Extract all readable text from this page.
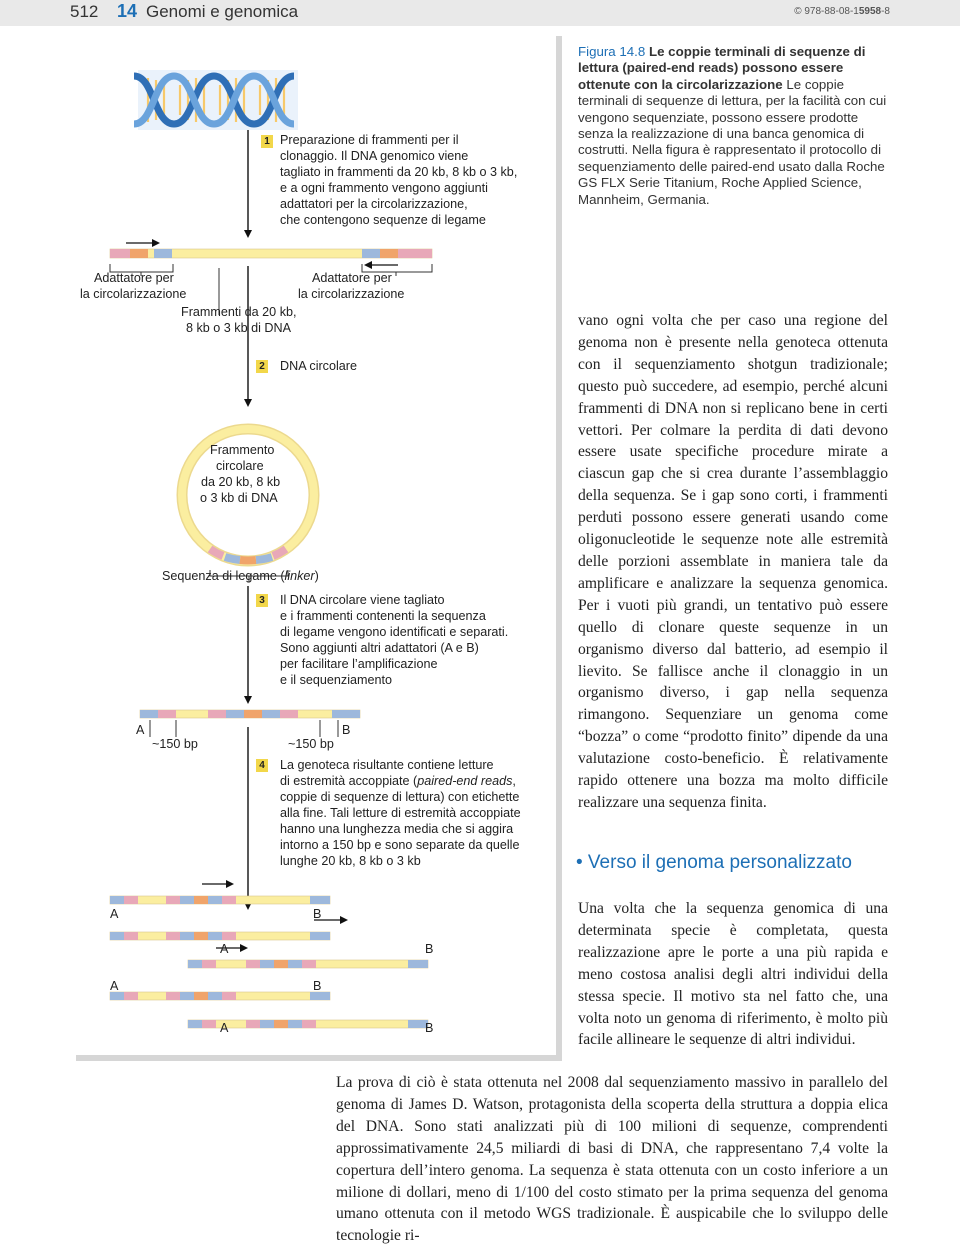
512 14 Genomi e genomica	© 978-88-08-15958-8
1 Preparazione di frammenti per il
clonaggio. Il DNA genomico viene
tagliato in frammenti da 20 kb, 8 kb o 3 kb,
e a ogni frammento vengono aggiunti
adattatori per la circolarizzazione,
che contengono sequenze di legame
Adattatore per
la circolarizzazione
Adattatore per
la circolarizzazione
Frammenti da 20 kb,
8 kb o 3 kb di DNA
2 DNA circolare
Frammento
circolare
da 20 kb, 8 kb
o 3 kb di DNA
Sequenza di legame (linker)
3 Il DNA circolare viene tagliato
e i frammenti contenenti la sequenza
di legame vengono identificati e separati.
Sono aggiunti altri adattatori (A e B)
per facilitare l’amplificazione
e il sequenziamento
A	B
~150 bp	~150 bp
4 La genoteca risultante contiene letture
di estremità accoppiate (paired-end reads,
coppie di sequenze di lettura) con etichette
alla fine. Tali letture di estremità accoppiate
hanno una lunghezza media che si aggira
intorno a 150 bp e sono separate da quelle
lunghe 20 kb, 8 kb o 3 kb
A	B
A	B
A	B
A	B
Figura 14.8 Le coppie terminali di sequenze di lettura (paired-end reads) possono essere ottenute con la circolarizzazione Le coppie terminali di sequenze di lettura, per la facilità con cui vengono sequenziate, possono essere prodotte senza la realizzazione di una banca genomica di costrutti. Nella figura è rappresentato il protocollo di sequenziamento delle paired-end usato dalla Roche GS FLX Serie Titanium, Roche Applied Science, Mannheim, Germania.
vano ogni volta che per caso una regione del genoma non è presente nella genoteca ottenuta con il sequenziamento shotgun tradizionale; questo può succedere, ad esempio, perché alcuni frammenti di DNA non si replicano bene in certi vettori. Per colmare la perdita di dati devono essere usate specifiche procedure mirate a ciascun gap che si crea durante l’assemblaggio della sequenza. Se i gap sono corti, i frammenti perduti possono essere generati usando come oligonucleotide le sequenze note alle estremità delle porzioni assemblate in maniera tale da amplificare e analizzare la sequenza genomica. Per i vuoti più grandi, un tentativo può essere quello di clonare queste sequenze in un organismo diverso dal batterio, ad esempio il lievito. Se fallisce anche il clonaggio in un organismo diverso, i gap nella sequenza rimangono. Sequenziare un genoma come “bozza” o come “prodotto finito” dipende da una valutazione costo-beneficio. È relativamente rapido ottenere una bozza ma molto difficile realizzare una sequenza finita.
• Verso il genoma personalizzato
Una volta che la sequenza genomica di una determinata specie è completata, questa realizzazione apre le porte a una più rapida e meno costosa analisi degli altri individui della stessa specie. Il motivo sta nel fatto che, una volta noto un genoma di riferimento, è molto più facile allineare le sequenze di altri individui.
La prova di ciò è stata ottenuta nel 2008 dal sequenziamento massivo in parallelo del genoma di James D. Watson, protagonista della scoperta della struttura a doppia elica del DNA. Sono stati analizzati più di 100 milioni di sequenze, comprendenti approssimativamente 24,5 miliardi di basi di DNA, che rappresentano 7,4 volte la copertura dell’intero genoma. La sequenza è stata ottenuta con un costo inferiore a un milione di dollari, meno di 1/100 del costo stimato per la prima sequenza del genoma umano ottenuta con il metodo WGS tradizionale. È auspicabile che lo sviluppo delle tecnologie ri-
